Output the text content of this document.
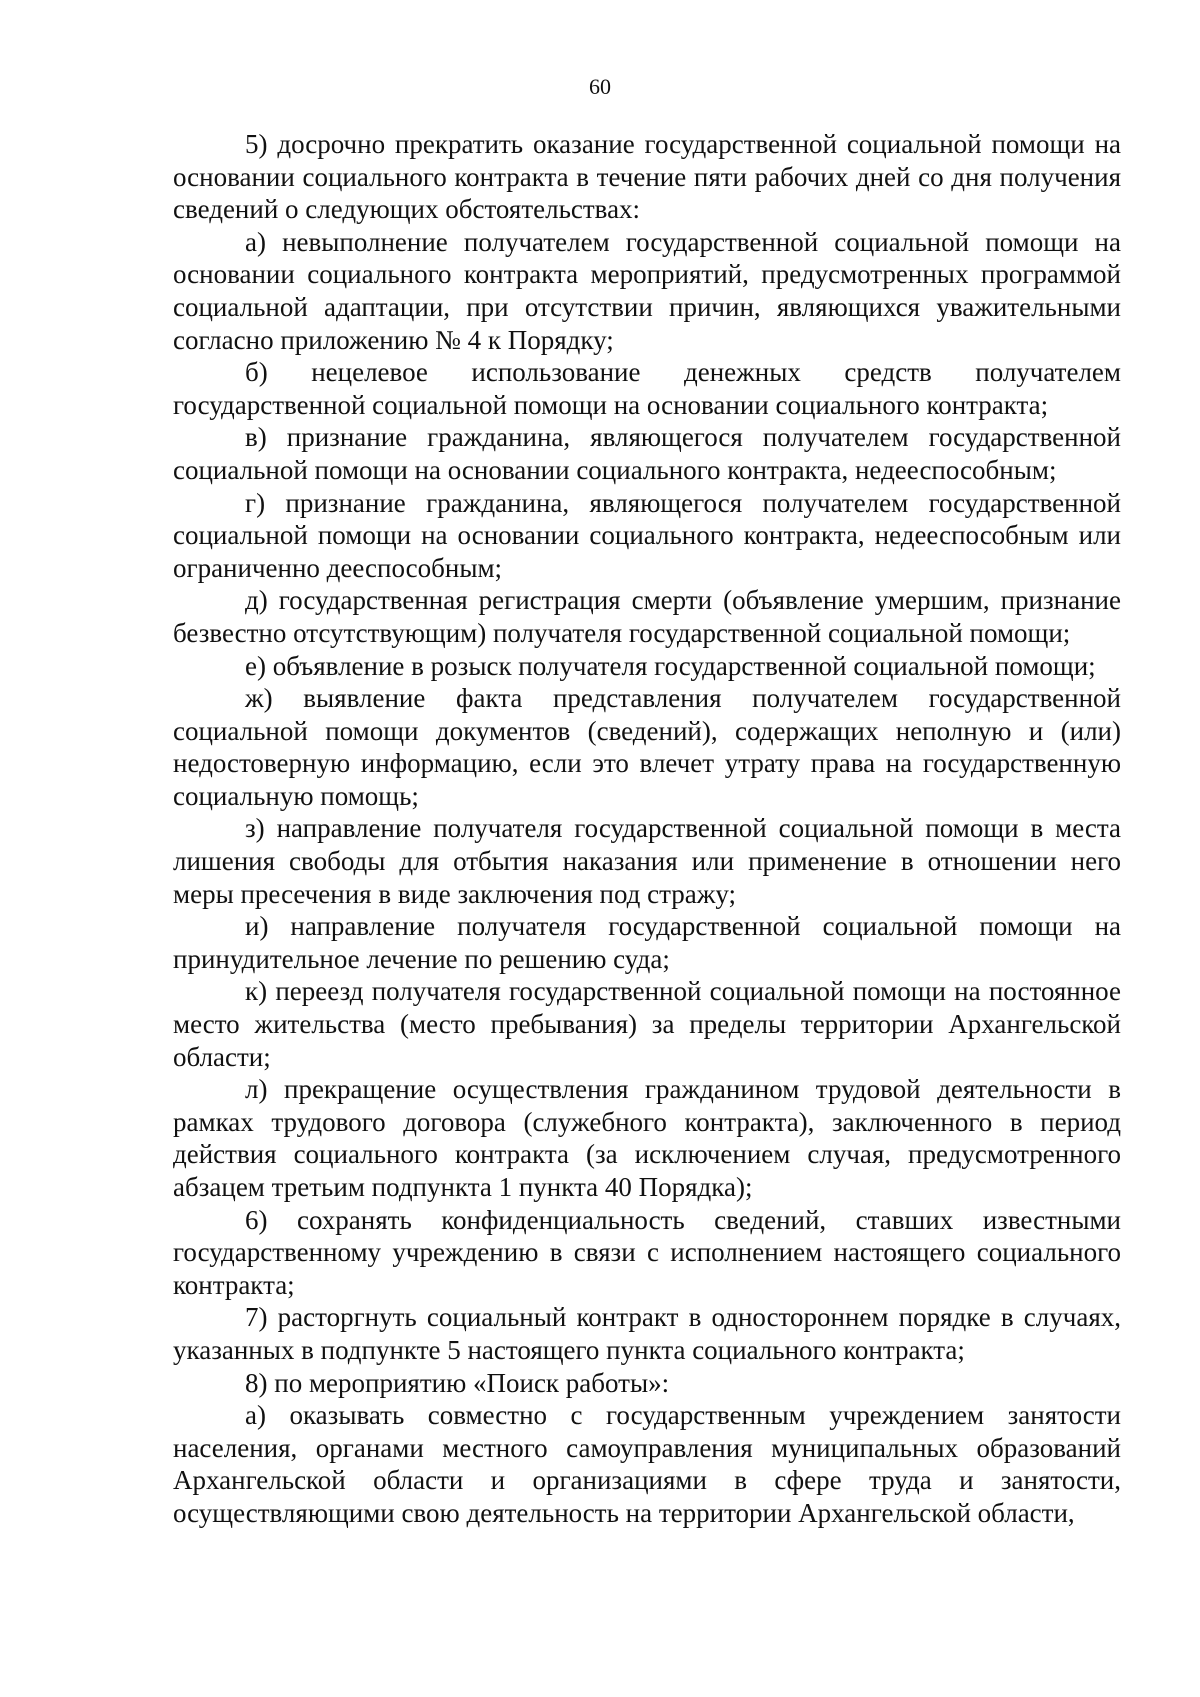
60

5) досрочно прекратить оказание государственной социальной помощи на основании социального контракта в течение пяти рабочих дней со дня получения сведений о следующих обстоятельствах:

а) невыполнение получателем государственной социальной помощи на основании социального контракта мероприятий, предусмотренных программой социальной адаптации, при отсутствии причин, являющихся уважительными согласно приложению № 4 к Порядку;

б) нецелевое использование денежных средств получателем государственной социальной помощи на основании социального контракта;

в) признание гражданина, являющегося получателем государственной социальной помощи на основании социального контракта, недееспособным;

г) признание гражданина, являющегося получателем государственной социальной помощи на основании социального контракта, недееспособным или ограниченно дееспособным;

д) государственная регистрация смерти (объявление умершим, признание безвестно отсутствующим) получателя государственной социальной помощи;

е) объявление в розыск получателя государственной социальной помощи;

ж) выявление факта представления получателем государственной социальной помощи документов (сведений), содержащих неполную и (или) недостоверную информацию, если это влечет утрату права на государственную социальную помощь;

з) направление получателя государственной социальной помощи в места лишения свободы для отбытия наказания или применение в отношении него меры пресечения в виде заключения под стражу;

и) направление получателя государственной социальной помощи на принудительное лечение по решению суда;

к) переезд получателя государственной социальной помощи на постоянное место жительства (место пребывания) за пределы территории Архангельской области;

л) прекращение осуществления гражданином трудовой деятельности в рамках трудового договора (служебного контракта), заключенного в период действия социального контракта (за исключением случая, предусмотренного абзацем третьим подпункта 1 пункта 40 Порядка);

6) сохранять конфиденциальность сведений, ставших известными государственному учреждению в связи с исполнением настоящего социального контракта;

7) расторгнуть социальный контракт в одностороннем порядке в случаях, указанных в подпункте 5 настоящего пункта социального контракта;

8) по мероприятию «Поиск работы»:

а) оказывать совместно с государственным учреждением занятости населения, органами местного самоуправления муниципальных образований Архангельской области и организациями в сфере труда и занятости, осуществляющими свою деятельность на территории Архангельской области,
